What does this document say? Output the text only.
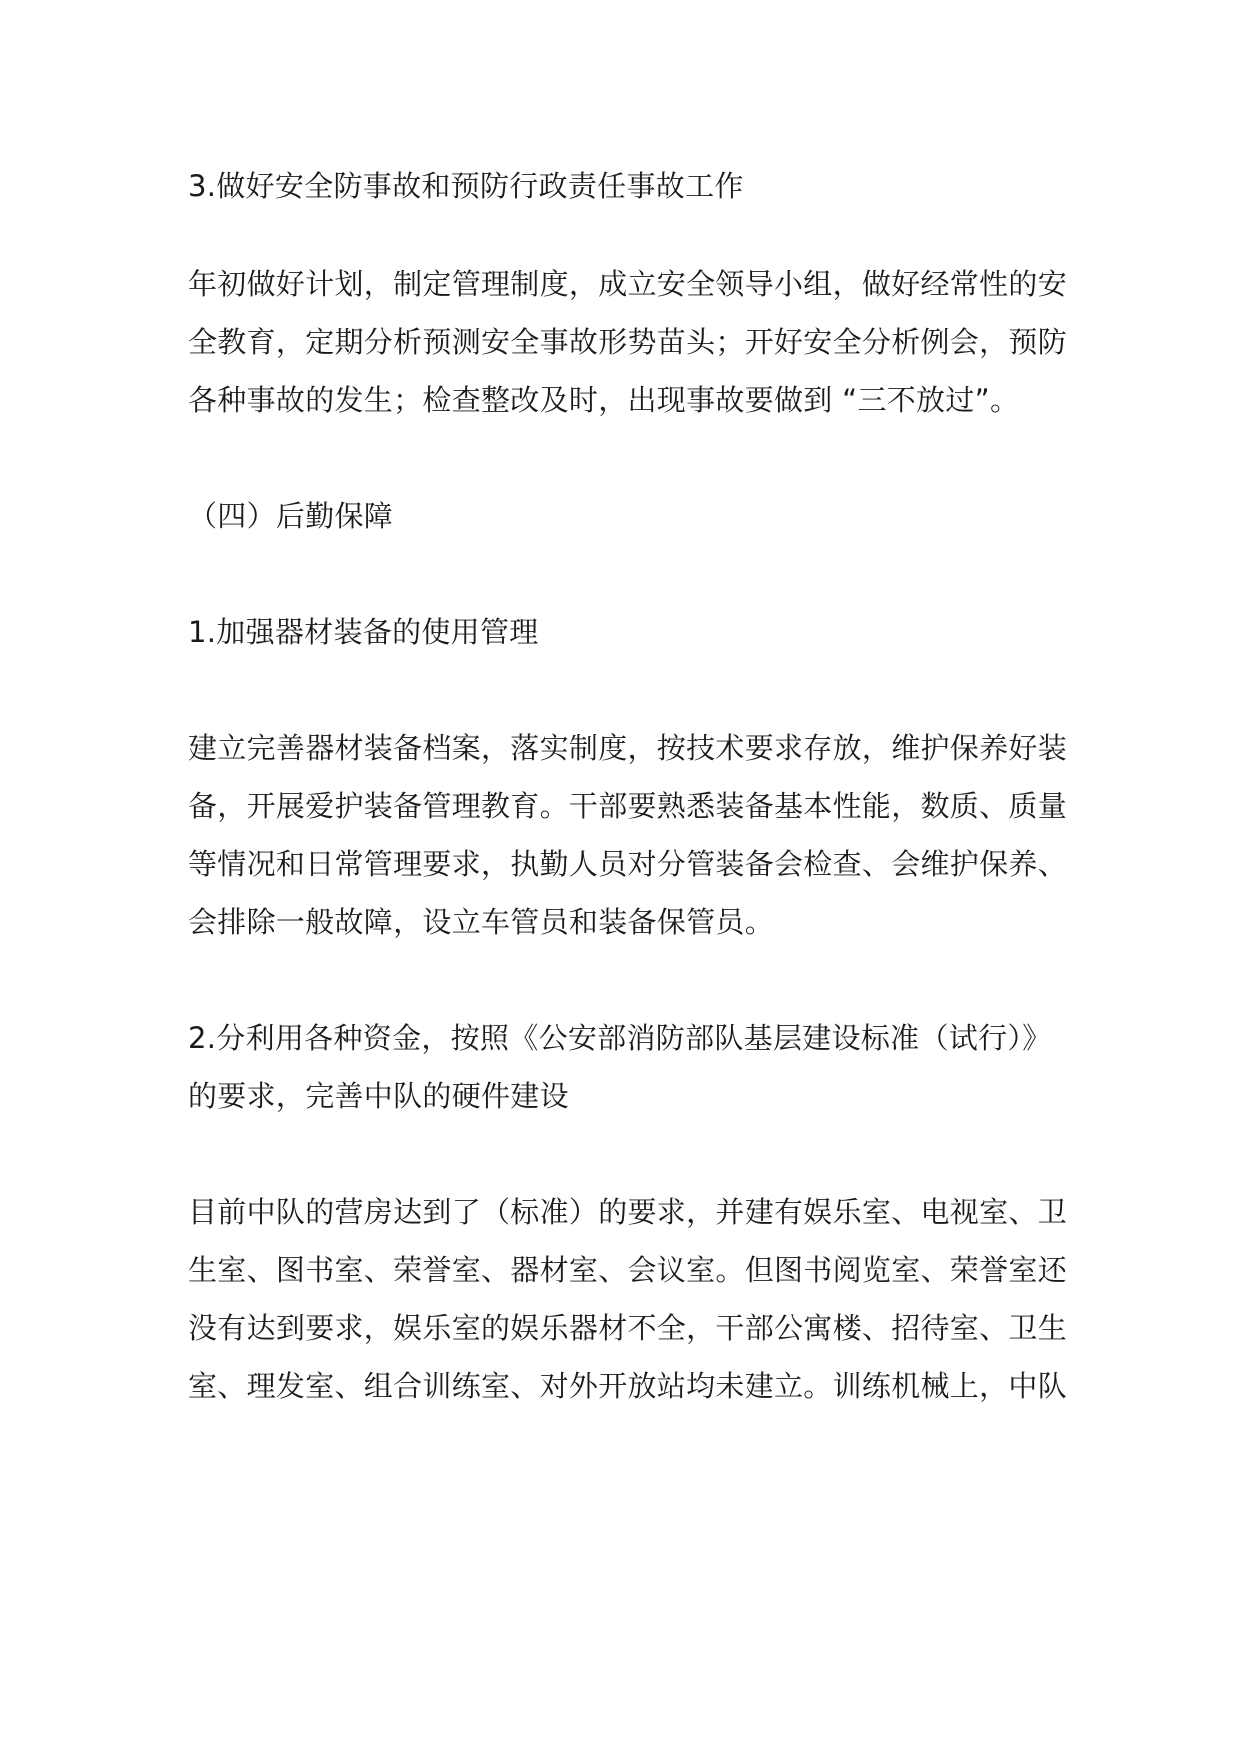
3.做好安全防事故和预防行政责任事故工作
年初做好计划，制定管理制度，成立安全领导小组，做好经常性的安
全教育，定期分析预测安全事故形势苗头；开好安全分析例会，预防
各种事故的发生；检查整改及时，出现事故要做到 “三不放过”。
（四）后勤保障
1.加强器材装备的使用管理
建立完善器材装备档案，落实制度，按技术要求存放，维护保养好装
备，开展爱护装备管理教育。干部要熟悉装备基本性能，数质、质量
等情况和日常管理要求，执勤人员对分管装备会检查、会维护保养、
会排除一般故障，设立车管员和装备保管员。
2.分利用各种资金，按照《公安部消防部队基层建设标准（试行）》
的要求，完善中队的硬件建设
目前中队的营房达到了（标准）的要求，并建有娱乐室、电视室、卫
生室、图书室、荣誉室、器材室、会议室。但图书阅览室、荣誉室还
没有达到要求，娱乐室的娱乐器材不全，干部公寓楼、招待室、卫生
室、理发室、组合训练室、对外开放站均未建立。训练机械上，中队
